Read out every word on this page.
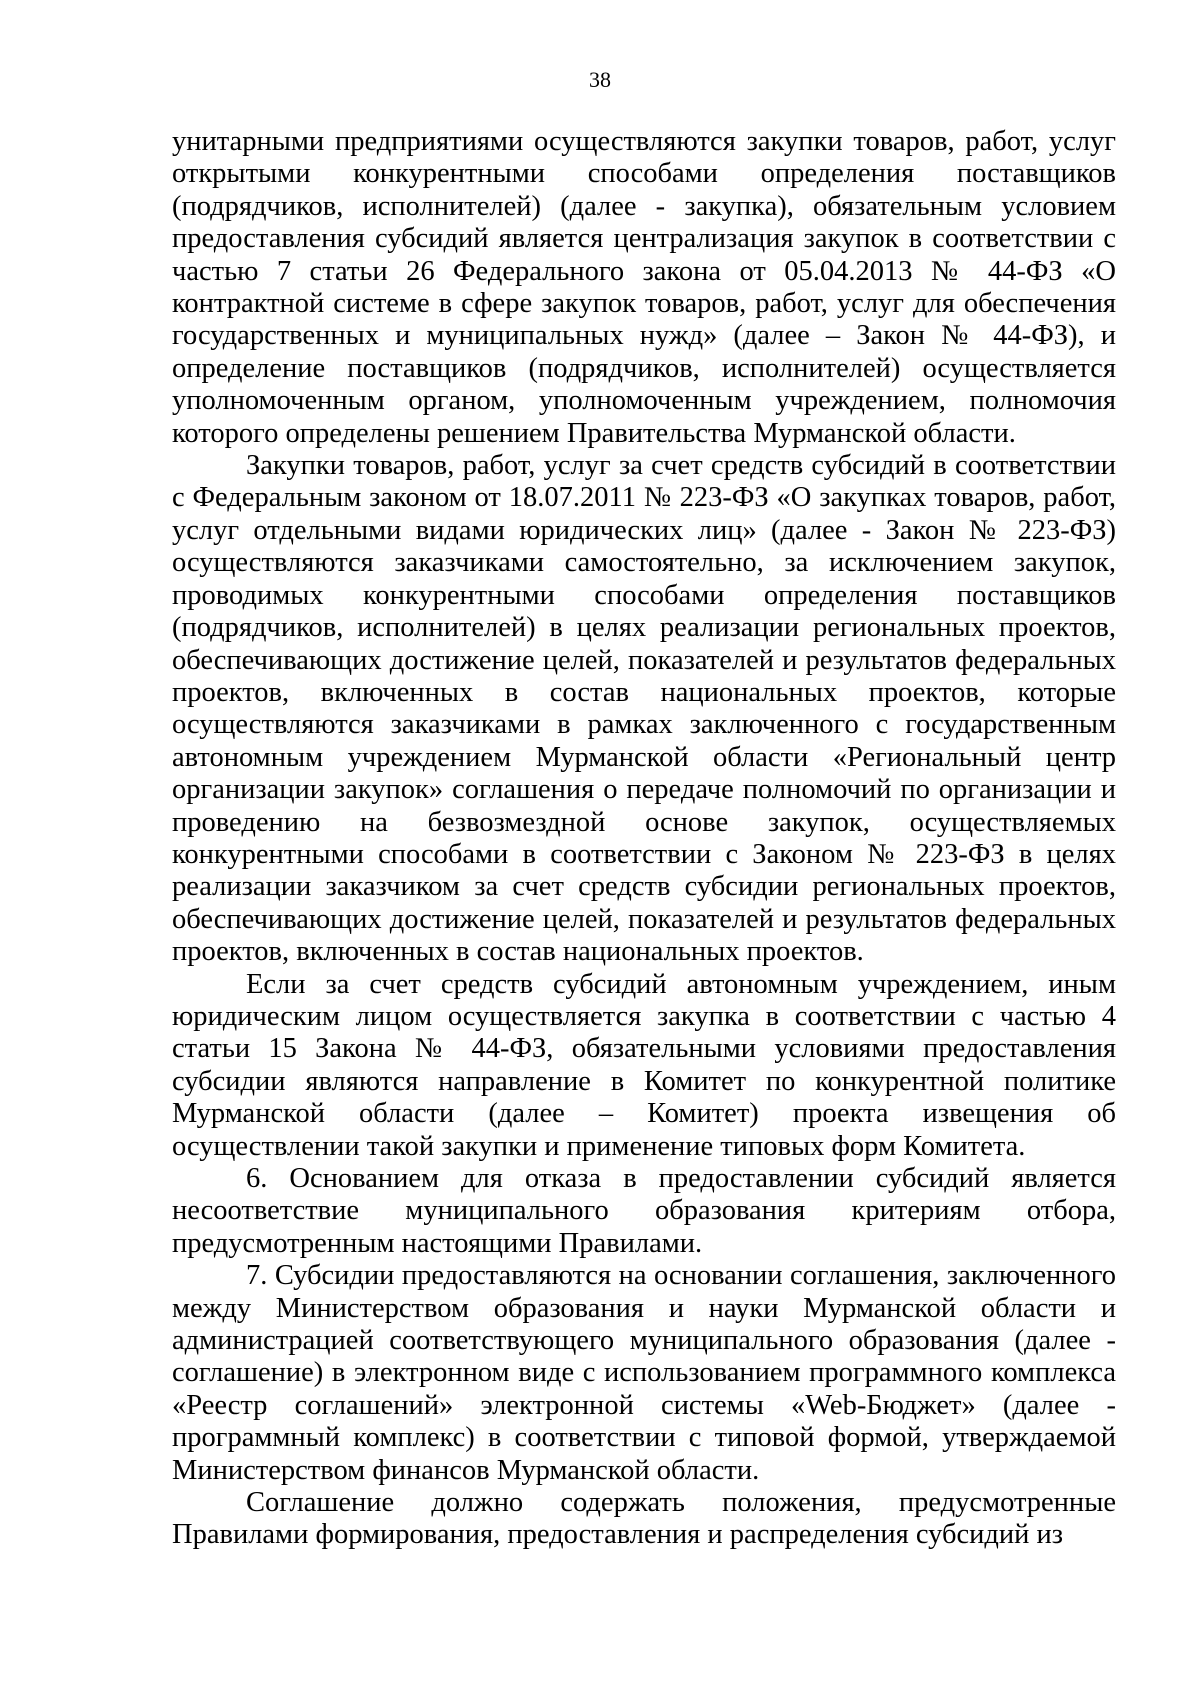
38

унитарными предприятиями осуществляются закупки товаров, работ, услуг открытыми конкурентными способами определения поставщиков (подрядчиков, исполнителей) (далее - закупка), обязательным условием предоставления субсидий является централизация закупок в соответствии с частью 7 статьи 26 Федерального закона от 05.04.2013 № 44-ФЗ «О контрактной системе в сфере закупок товаров, работ, услуг для обеспечения государственных и муниципальных нужд» (далее – Закон № 44-ФЗ), и определение поставщиков (подрядчиков, исполнителей) осуществляется уполномоченным органом, уполномоченным учреждением, полномочия которого определены решением Правительства Мурманской области.

Закупки товаров, работ, услуг за счет средств субсидий в соответствии с Федеральным законом от 18.07.2011 № 223-ФЗ «О закупках товаров, работ, услуг отдельными видами юридических лиц» (далее - Закон № 223-ФЗ) осуществляются заказчиками самостоятельно, за исключением закупок, проводимых конкурентными способами определения поставщиков (подрядчиков, исполнителей) в целях реализации региональных проектов, обеспечивающих достижение целей, показателей и результатов федеральных проектов, включенных в состав национальных проектов, которые осуществляются заказчиками в рамках заключенного с государственным автономным учреждением Мурманской области «Региональный центр организации закупок» соглашения о передаче полномочий по организации и проведению на безвозмездной основе закупок, осуществляемых конкурентными способами в соответствии с Законом № 223-ФЗ в целях реализации заказчиком за счет средств субсидии региональных проектов, обеспечивающих достижение целей, показателей и результатов федеральных проектов, включенных в состав национальных проектов.

Если за счет средств субсидий автономным учреждением, иным юридическим лицом осуществляется закупка в соответствии с частью 4 статьи 15 Закона № 44-ФЗ, обязательными условиями предоставления субсидии являются направление в Комитет по конкурентной политике Мурманской области (далее – Комитет) проекта извещения об осуществлении такой закупки и применение типовых форм Комитета.

6. Основанием для отказа в предоставлении субсидий является несоответствие муниципального образования критериям отбора, предусмотренным настоящими Правилами.

7. Субсидии предоставляются на основании соглашения, заключенного между Министерством образования и науки Мурманской области и администрацией соответствующего муниципального образования (далее - соглашение) в электронном виде с использованием программного комплекса «Реестр соглашений» электронной системы «Web-Бюджет» (далее - программный комплекс) в соответствии с типовой формой, утверждаемой Министерством финансов Мурманской области.

Соглашение должно содержать положения, предусмотренные Правилами формирования, предоставления и распределения субсидий из
